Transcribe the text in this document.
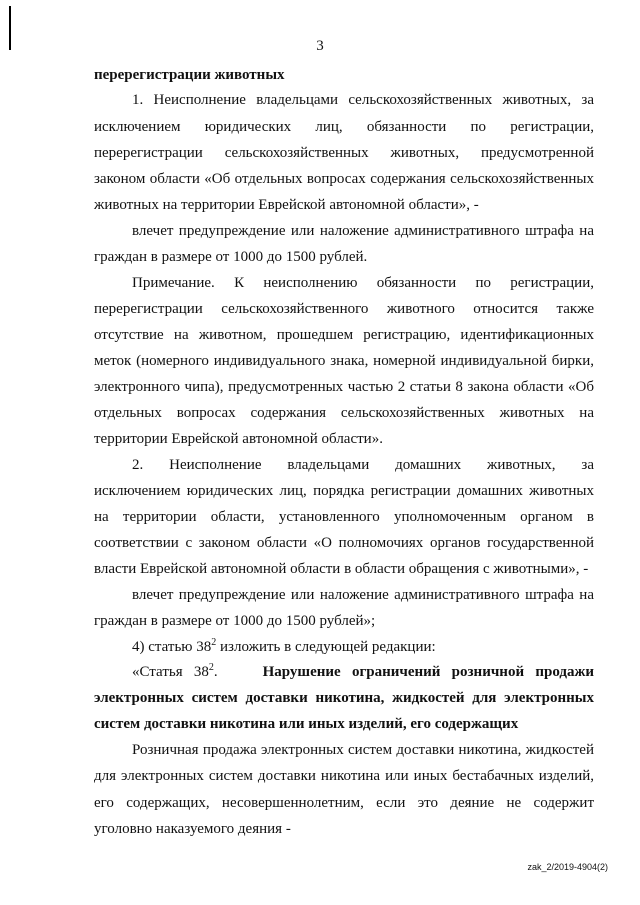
3
перерегистрации животных
1. Неисполнение владельцами сельскохозяйственных животных, за
исключением юридических лиц, обязанности по регистрации,
перерегистрации сельскохозяйственных животных, предусмотренной
законом области «Об отдельных вопросах содержания сельскохозяйственных
животных на территории Еврейской автономной области», -
влечет предупреждение или наложение административного штрафа на
граждан в размере от 1000 до 1500 рублей.
Примечание. К неисполнению обязанности по регистрации,
перерегистрации сельскохозяйственного животного относится также
отсутствие на животном, прошедшем регистрацию, идентификационных
меток (номерного индивидуального знака, номерной индивидуальной бирки,
электронного чипа), предусмотренных частью 2 статьи 8 закона области «Об
отдельных вопросах содержания сельскохозяйственных животных на
территории Еврейской автономной области».
2. Неисполнение владельцами домашних животных, за
исключением юридических лиц, порядка регистрации домашних животных
на территории области, установленного уполномоченным органом в
соответствии с законом области «О полномочиях органов государственной
власти Еврейской автономной области в области обращения с животными», -
влечет предупреждение или наложение административного штрафа на
граждан в размере от 1000 до 1500 рублей»;
4) статью $38^2$ изложить в следующей редакции:
«Статья $38^2$.	Нарушение ограничений розничной продажи
электронных систем доставки никотина, жидкостей для электронных
систем доставки никотина или иных изделий, его содержащих
Розничная продажа электронных систем доставки никотина, жидкостей
для электронных систем доставки никотина или иных бестабачных изделий,
его содержащих, несовершеннолетним, если это деяние не содержит
уголовно наказуемого деяния -
zak_2/2019-4904(2)
